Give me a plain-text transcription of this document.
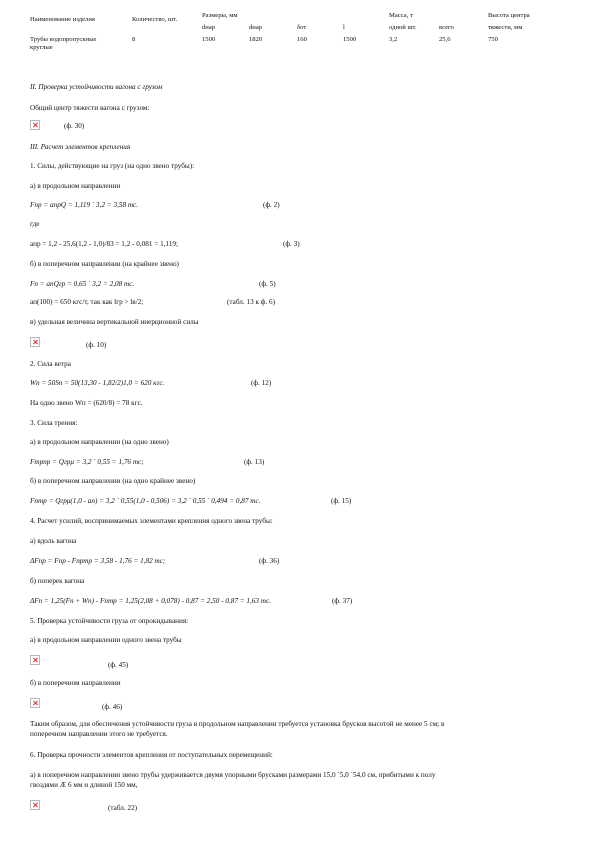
Наименование изделия	Количество, шт.	Размеры, мм				Масса, т		Высота центра
		dнар	dнар	δот	l	одной шт.	всего	тяжести, мм

Трубы водопропускные
круглые	8	1500	1820	160	1500	3,2	25,6	750
II. Проверка устойчивости вагона с грузом
Общий центр тяжести вагона с грузом:
(ф. 30)
III. Расчет элементов крепления
1. Силы, действующие на груз (на одно звено трубы):
а) в продольном направлении
Fпр = апрQ = 1,119 ´ 3,2 = 3,58 тс.	(ф. 2)
где
апр = 1,2 - 25,6(1,2 - 1,0)/83 = 1,2 - 0,081 = 1,119;	(ф. 3)
б) в поперечном направлении (на крайнее звено)
Fп = апQгр = 0,65 ´ 3,2 = 2,08 тс.	(ф. 5)
ап(100) = 650 кгс/т, так как lгр > lв/2;	(табл. 13 к ф. 6)
в) удельная величина вертикальной инерционной силы
(ф. 10)
2. Сила ветра
Wп = 50Sп = 50(13,30 - 1,82/2)1,0 = 620 кгс.	(ф. 12)
На одно звено Wп = (620/8) = 78 кгс.
3. Сила трения:
а) в продольном направлении (на одно звено)
Fтрпр = Qгрμ = 3,2 ´ 0,55 = 1,76 тс;	(ф. 13)
б) в поперечном направлении (на одно крайнее звено)
Fптр = Qгрμ(1,0 - ап) = 3,2 ´ 0,55(1,0 - 0,506) = 3,2 ´ 0,55 ´ 0,494 = 0,87 тс.	(ф. 15)
4. Расчет усилий, воспринимаемых элементами крепления одного звена трубы:
а) вдоль вагона
ΔFпр = Fпр - Fпртр = 3,58 - 1,76 = 1,82 тс;	(ф. 36)
б) поперек вагона
ΔFп = 1,25(Fп + Wп) - Fптр = 1,25(2,08 + 0,078) - 0,87 = 2,50 - 0,87 = 1,63 тс.	(ф. 37)
5. Проверка устойчивости груза от опрокидывания:
а) в продольном направлении одного звена трубы
(ф. 45)
б) в поперечном направлении
(ф. 46)
Таким образом, для обеспечения устойчивости груза в продольном направлении требуется установка брусков высотой не менее 5 см; в
поперечном направлении этого не требуется.
6. Проверка прочности элементов крепления от поступательных перемещений:
а) в поперечном направлении звено трубы удерживается двумя упорными брусками размерами 15,0 ´5,0 ´54,0 см, прибитыми к полу
гвоздями Æ 6 мм и длиной 150 мм,
(табл. 22)
